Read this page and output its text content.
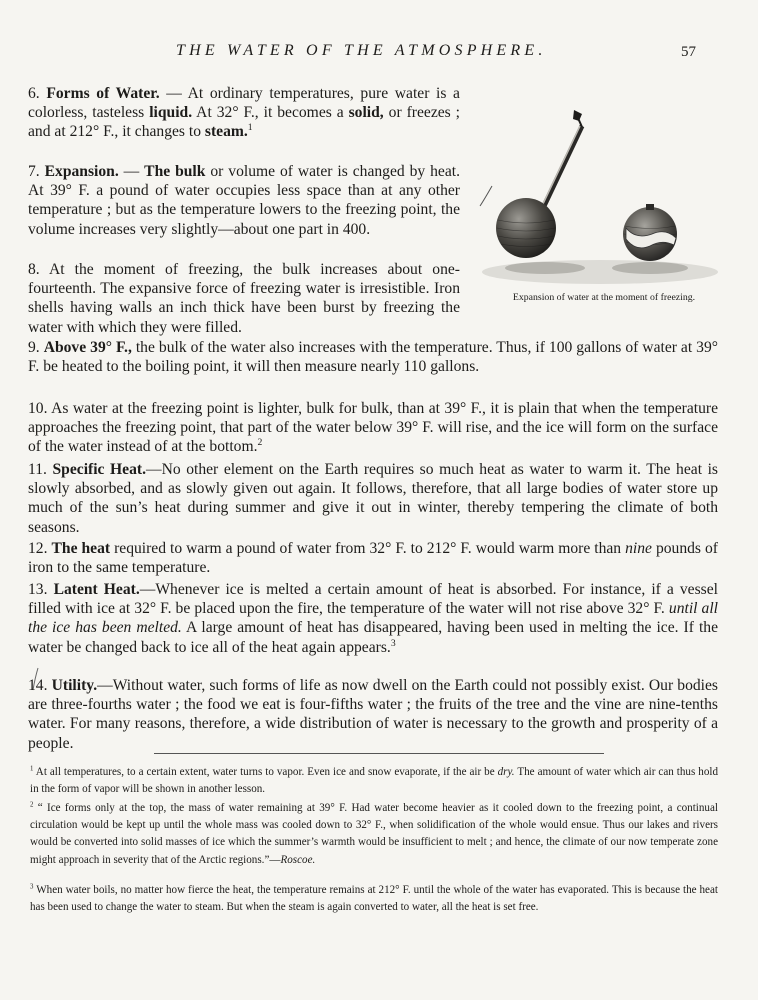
THE WATER OF THE ATMOSPHERE.	57

6. Forms of Water. — At ordinary temperatures, pure water is a colorless, tasteless liquid. At 32° F., it becomes a solid, or freezes ; and at 212° F., it changes to steam.$^1$

7. Expansion. — The bulk or volume of water is changed by heat. At 39° F. a pound of water occupies less space than at any other temperature ; but as the temperature lowers to the freezing point, the volume increases very slightly—about one part in 400.

8. At the moment of freezing, the bulk increases about one-fourteenth. The expansive force of freezing water is irresistible. Iron shells having walls an inch thick have been burst by freezing the water with which they were filled.

Expansion of water at the moment of freezing.

9. Above 39° F., the bulk of the water also increases with the temperature. Thus, if 100 gallons of water at 39° F. be heated to the boiling point, it will then measure nearly 110 gallons.

10. As water at the freezing point is lighter, bulk for bulk, than at 39° F., it is plain that when the temperature approaches the freezing point, that part of the water below 39° F. will rise, and the ice will form on the surface of the water instead of at the bottom.$^2$

11. Specific Heat.—No other element on the Earth requires so much heat as water to warm it. The heat is slowly absorbed, and as slowly given out again. It follows, therefore, that all large bodies of water store up much of the sun’s heat during summer and give it out in winter, thereby tempering the climate of both seasons.

12. The heat required to warm a pound of water from 32° F. to 212° F. would warm more than nine pounds of iron to the same temperature.

13. Latent Heat.—Whenever ice is melted a certain amount of heat is absorbed. For instance, if a vessel filled with ice at 32° F. be placed upon the fire, the temperature of the water will not rise above 32° F. until all the ice has been melted. A large amount of heat has disappeared, having been used in melting the ice. If the water be changed back to ice all of the heat again appears.$^3$

14. Utility.—Without water, such forms of life as now dwell on the Earth could not possibly exist. Our bodies are three-fourths water ; the food we eat is four-fifths water ; the fruits of the tree and the vine are nine-tenths water. For many reasons, therefore, a wide distribution of water is necessary to the growth and prosperity of a people.

$^1$ At all temperatures, to a certain extent, water turns to vapor. Even ice and snow evaporate, if the air be dry. The amount of water which air can thus hold in the form of vapor will be shown in another lesson.

$^2$ “ Ice forms only at the top, the mass of water remaining at 39° F. Had water become heavier as it cooled down to the freezing point, a continual circulation would be kept up until the whole mass was cooled down to 32° F., when solidification of the whole would ensue. Thus our lakes and rivers would be converted into solid masses of ice which the summer’s warmth would be insufficient to melt ; and hence, the climate of our now temperate zone might approach in severity that of the Arctic regions.”—Roscoe.

$^3$ When water boils, no matter how fierce the heat, the temperature remains at 212° F. until the whole of the water has evaporated. This is because the heat has been used to change the water to steam. But when the steam is again converted to water, all the heat is set free.
